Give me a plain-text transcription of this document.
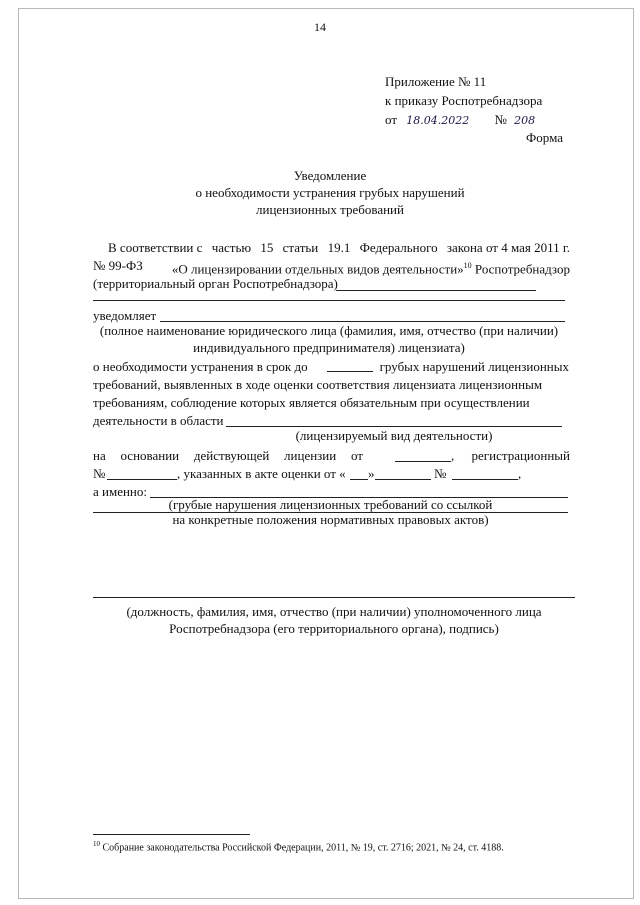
14
Приложение № 11
к приказу Роспотребнадзора
от 18.04.2022 № 208
Форма
Уведомление
о необходимости устранения грубых нарушений
лицензионных требований
В соответствии с частью 15 статьи 19.1 Федерального закона от 4 мая 2011 г.
№ 99-ФЗ «О лицензировании отдельных видов деятельности»$^{10}$ Роспотребнадзор
(территориальный орган Роспотребнадзора)
уведомляет
(полное наименование юридического лица (фамилия, имя, отчество (при наличии)
индивидуального предпринимателя) лицензиата)
о необходимости устранения в срок до	грубых нарушений лицензионных
требований, выявленных в ходе оценки соответствия лицензиата лицензионным
требованиям, соблюдение которых является обязательным при осуществлении
деятельности в области
(лицензируемый вид деятельности)
на основании действующей лицензии от	, регистрационный
№	, указанных в акте оценки от « »	№	,
а именно:
(грубые нарушения лицензионных требований со ссылкой
на конкретные положения нормативных правовых актов)
(должность, фамилия, имя, отчество (при наличии) уполномоченного лица
Роспотребнадзора (его территориального органа), подпись)
$^{10}$ Собрание законодательства Российской Федерации, 2011, № 19, ст. 2716; 2021, № 24, ст. 4188.
